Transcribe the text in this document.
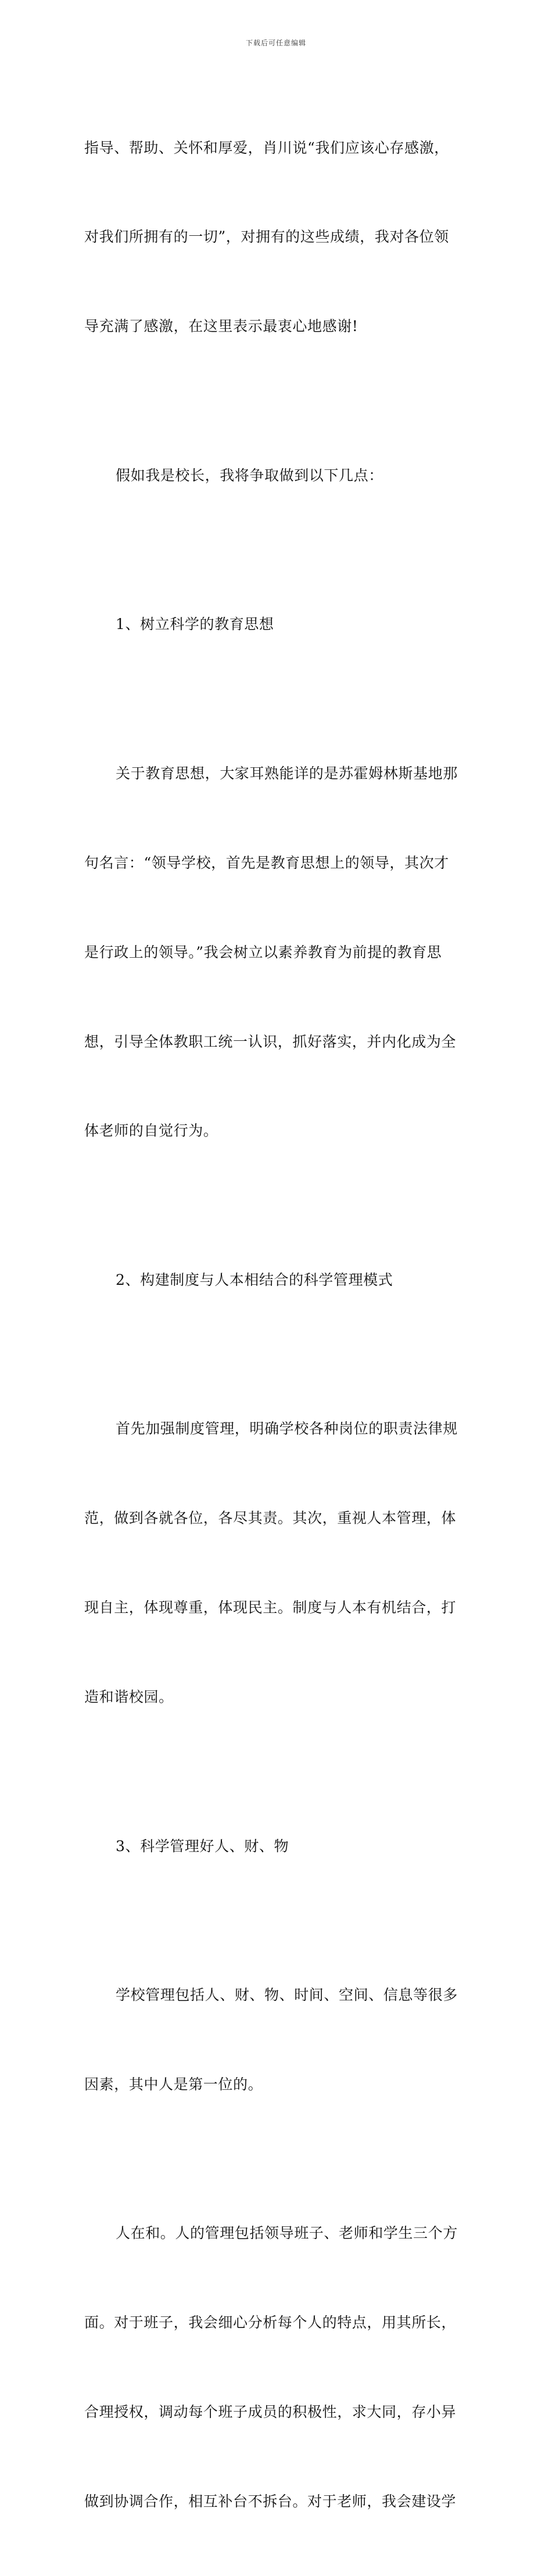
下载后可任意编辑

指导、帮助、关怀和厚爱，肖川说“我们应该心存感激，

对我们所拥有的一切”，对拥有的这些成绩，我对各位领

导充满了感激，在这里表示最衷心地感谢!

假如我是校长，我将争取做到以下几点：

1、树立科学的教育思想

关于教育思想，大家耳熟能详的是苏霍姆林斯基地那

句名言：“领导学校，首先是教育思想上的领导，其次才

是行政上的领导。”我会树立以素养教育为前提的教育思

想，引导全体教职工统一认识，抓好落实，并内化成为全

体老师的自觉行为。

2、构建制度与人本相结合的科学管理模式

首先加强制度管理，明确学校各种岗位的职责法律规

范，做到各就各位，各尽其责。其次，重视人本管理，体

现自主，体现尊重，体现民主。制度与人本有机结合，打

造和谐校园。

3、科学管理好人、财、物

学校管理包括人、财、物、时间、空间、信息等很多

因素，其中人是第一位的。

人在和。人的管理包括领导班子、老师和学生三个方

面。对于班子，我会细心分析每个人的特点，用其所长，

合理授权，调动每个班子成员的积极性，求大同，存小异

做到协调合作，相互补台不拆台。对于老师，我会建设学
